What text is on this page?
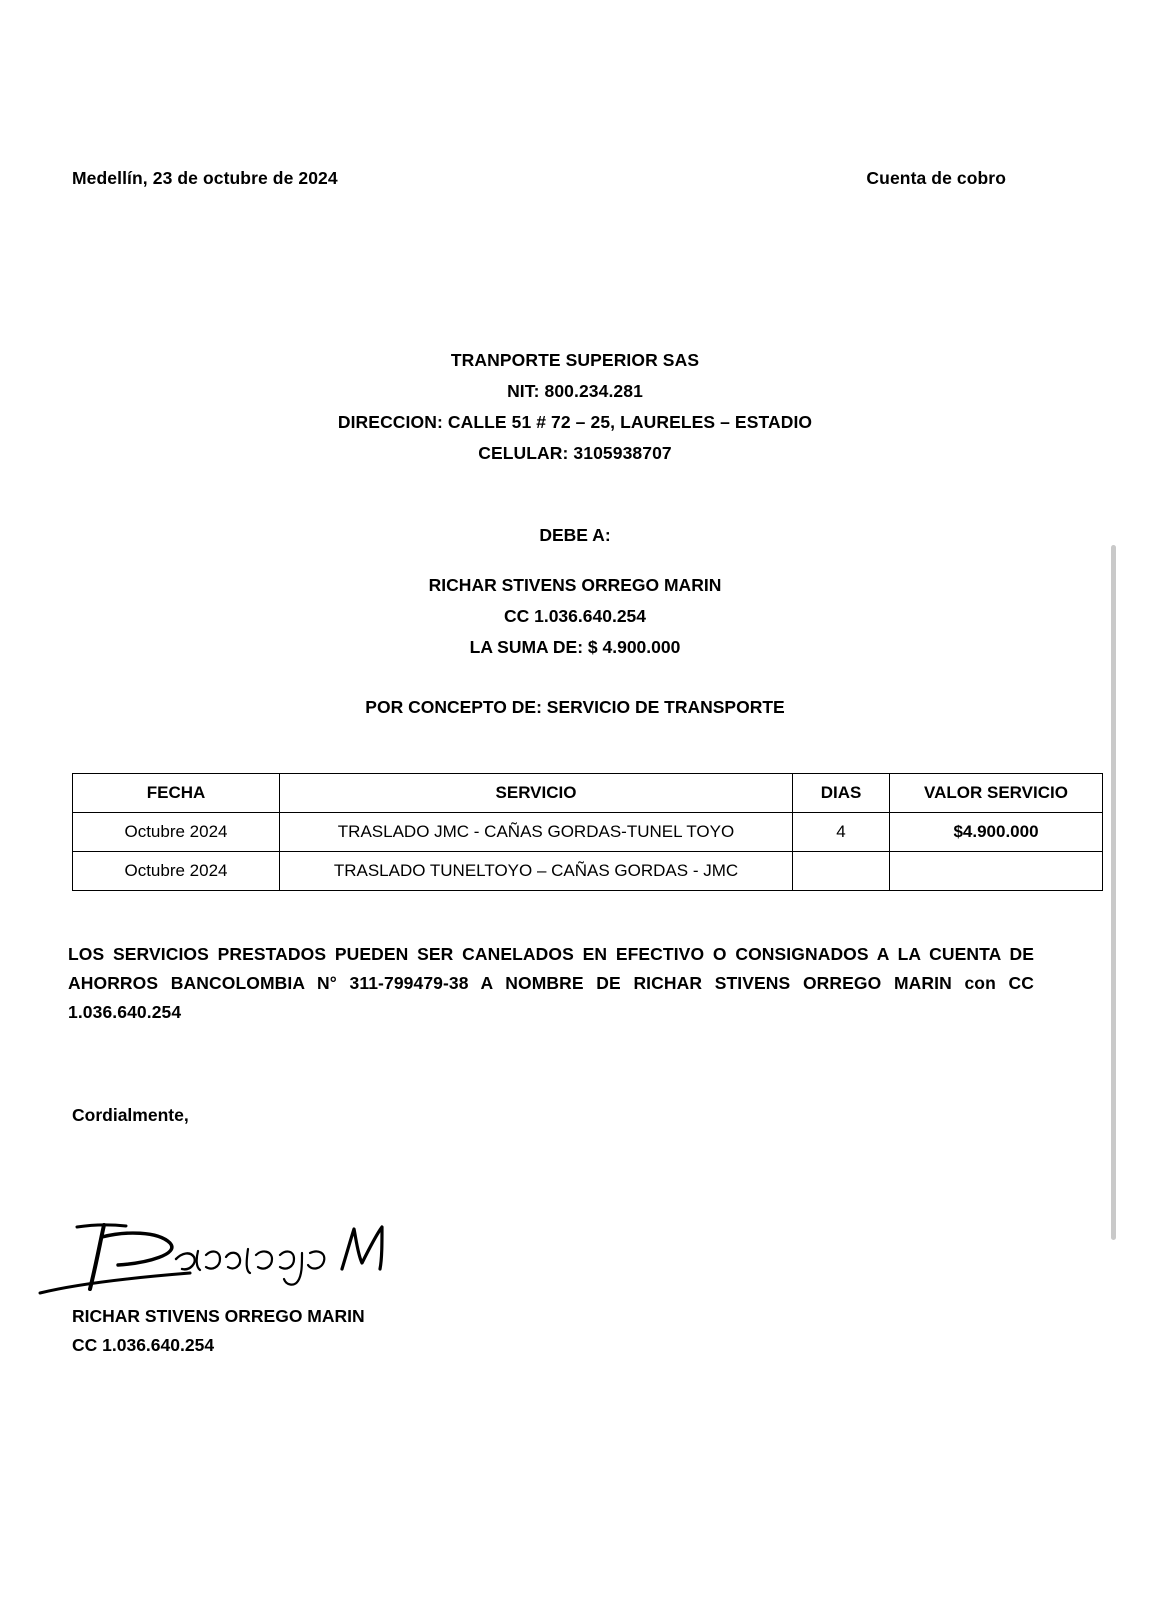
Medellín, 23 de octubre de 2024	Cuenta de cobro
TRANPORTE SUPERIOR SAS
NIT: 800.234.281
DIRECCION: CALLE 51 # 72 – 25, LAURELES – ESTADIO
CELULAR: 3105938707
DEBE A:
RICHAR STIVENS ORREGO MARIN
CC 1.036.640.254
LA SUMA DE: $ 4.900.000
POR CONCEPTO DE: SERVICIO DE TRANSPORTE
FECHA	SERVICIO	DIAS	VALOR SERVICIO
Octubre 2024	TRASLADO JMC - CAÑAS GORDAS-TUNEL TOYO	4	$4.900.000
Octubre 2024	TRASLADO TUNELTOYO – CAÑAS GORDAS - JMC		
LOS SERVICIOS PRESTADOS PUEDEN SER CANELADOS EN EFECTIVO O CONSIGNADOS A LA CUENTA DE AHORROS BANCOLOMBIA N° 311-799479-38 A NOMBRE DE RICHAR STIVENS ORREGO MARIN con CC 1.036.640.254
Cordialmente,
RICHAR STIVENS ORREGO MARIN
CC 1.036.640.254
